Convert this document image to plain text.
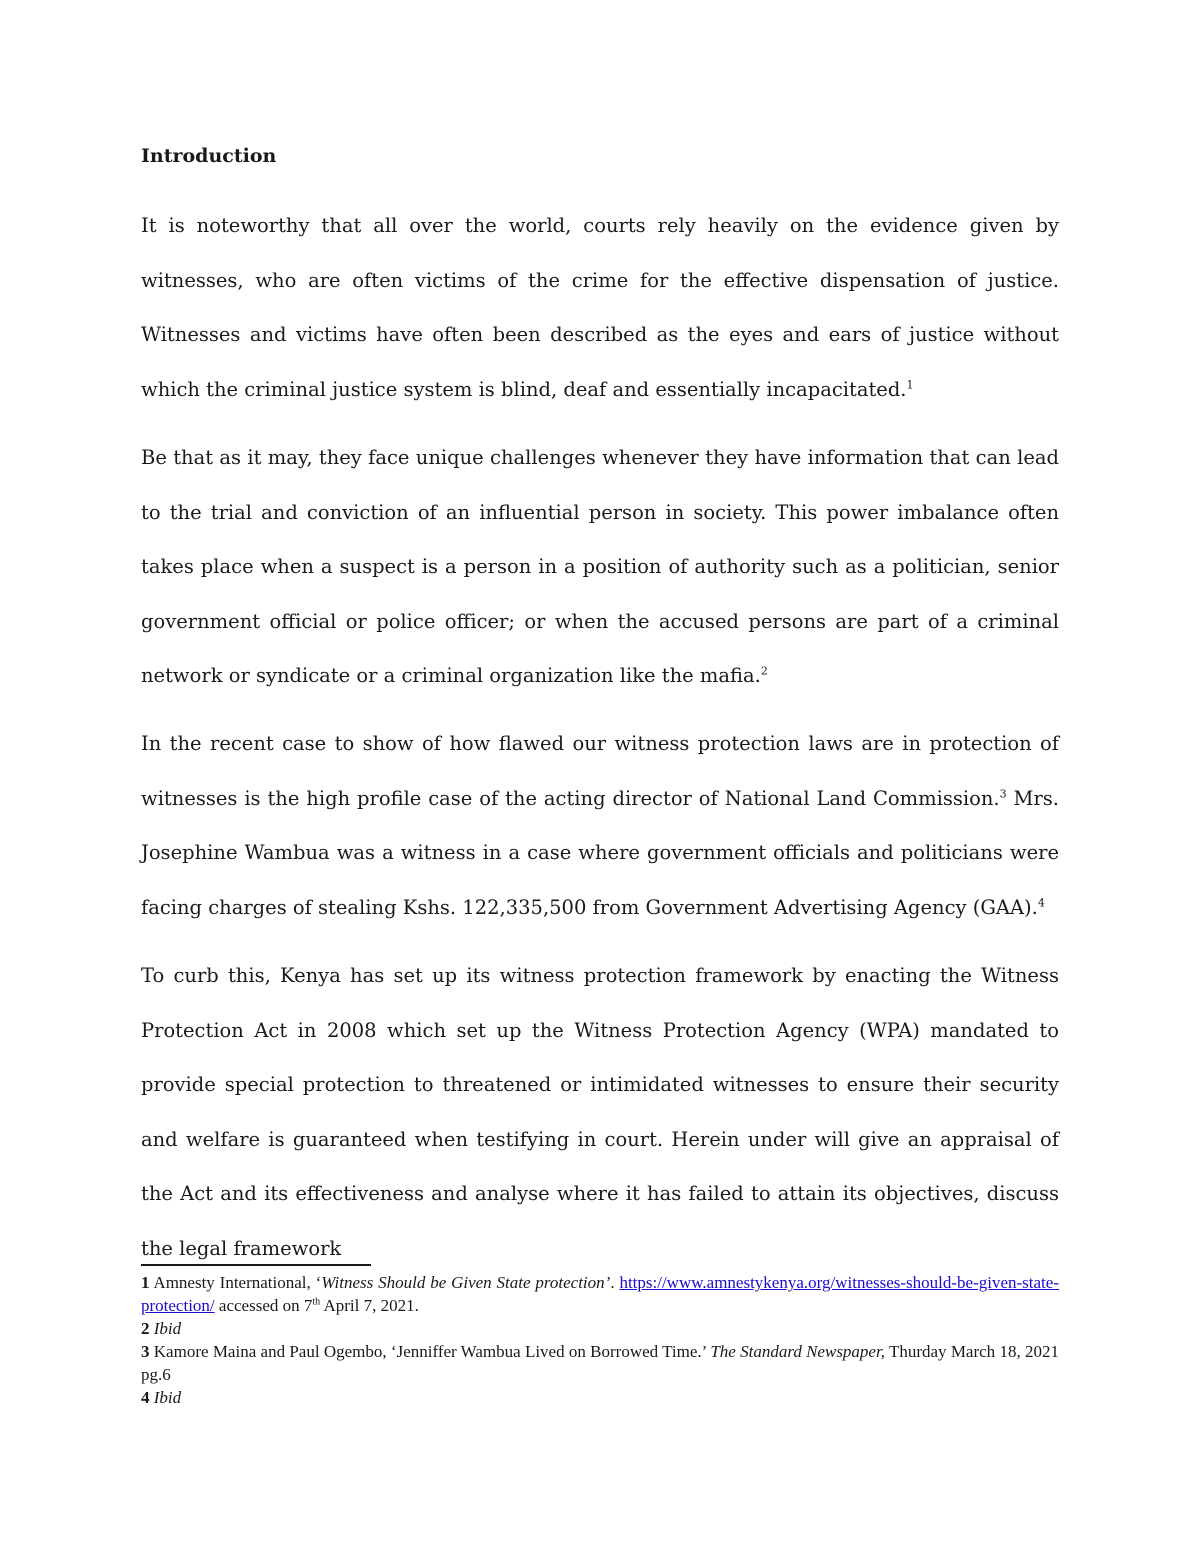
Introduction

It is noteworthy that all over the world, courts rely heavily on the evidence given by witnesses, who are often victims of the crime for the effective dispensation of justice. Witnesses and victims have often been described as the eyes and ears of justice without which the criminal justice system is blind, deaf and essentially incapacitated.$^1$

Be that as it may, they face unique challenges whenever they have information that can lead to the trial and conviction of an influential person in society. This power imbalance often takes place when a suspect is a person in a position of authority such as a politician, senior government official or police officer; or when the accused persons are part of a criminal network or syndicate or a criminal organization like the mafia.$^2$

In the recent case to show of how flawed our witness protection laws are in protection of witnesses is the high profile case of the acting director of National Land Commission.$^3$ Mrs. Josephine Wambua was a witness in a case where government officials and politicians were facing charges of stealing Kshs. 122,335,500 from Government Advertising Agency (GAA).$^4$

To curb this, Kenya has set up its witness protection framework by enacting the Witness Protection Act in 2008 which set up the Witness Protection Agency (WPA) mandated to provide special protection to threatened or intimidated witnesses to ensure their security and welfare is guaranteed when testifying in court. Herein under will give an appraisal of the Act and its effectiveness and analyse where it has failed to attain its objectives, discuss the legal framework

1 Amnesty International, ‘Witness Should be Given State protection’. https://www.amnestykenya.org/witnesses-should-be-given-state-protection/ accessed on 7th April 7, 2021.

2 Ibid

3 Kamore Maina and Paul Ogembo, ‘Jenniffer Wambua Lived on Borrowed Time.’ The Standard Newspaper, Thurday March 18, 2021 pg.6

4 Ibid
